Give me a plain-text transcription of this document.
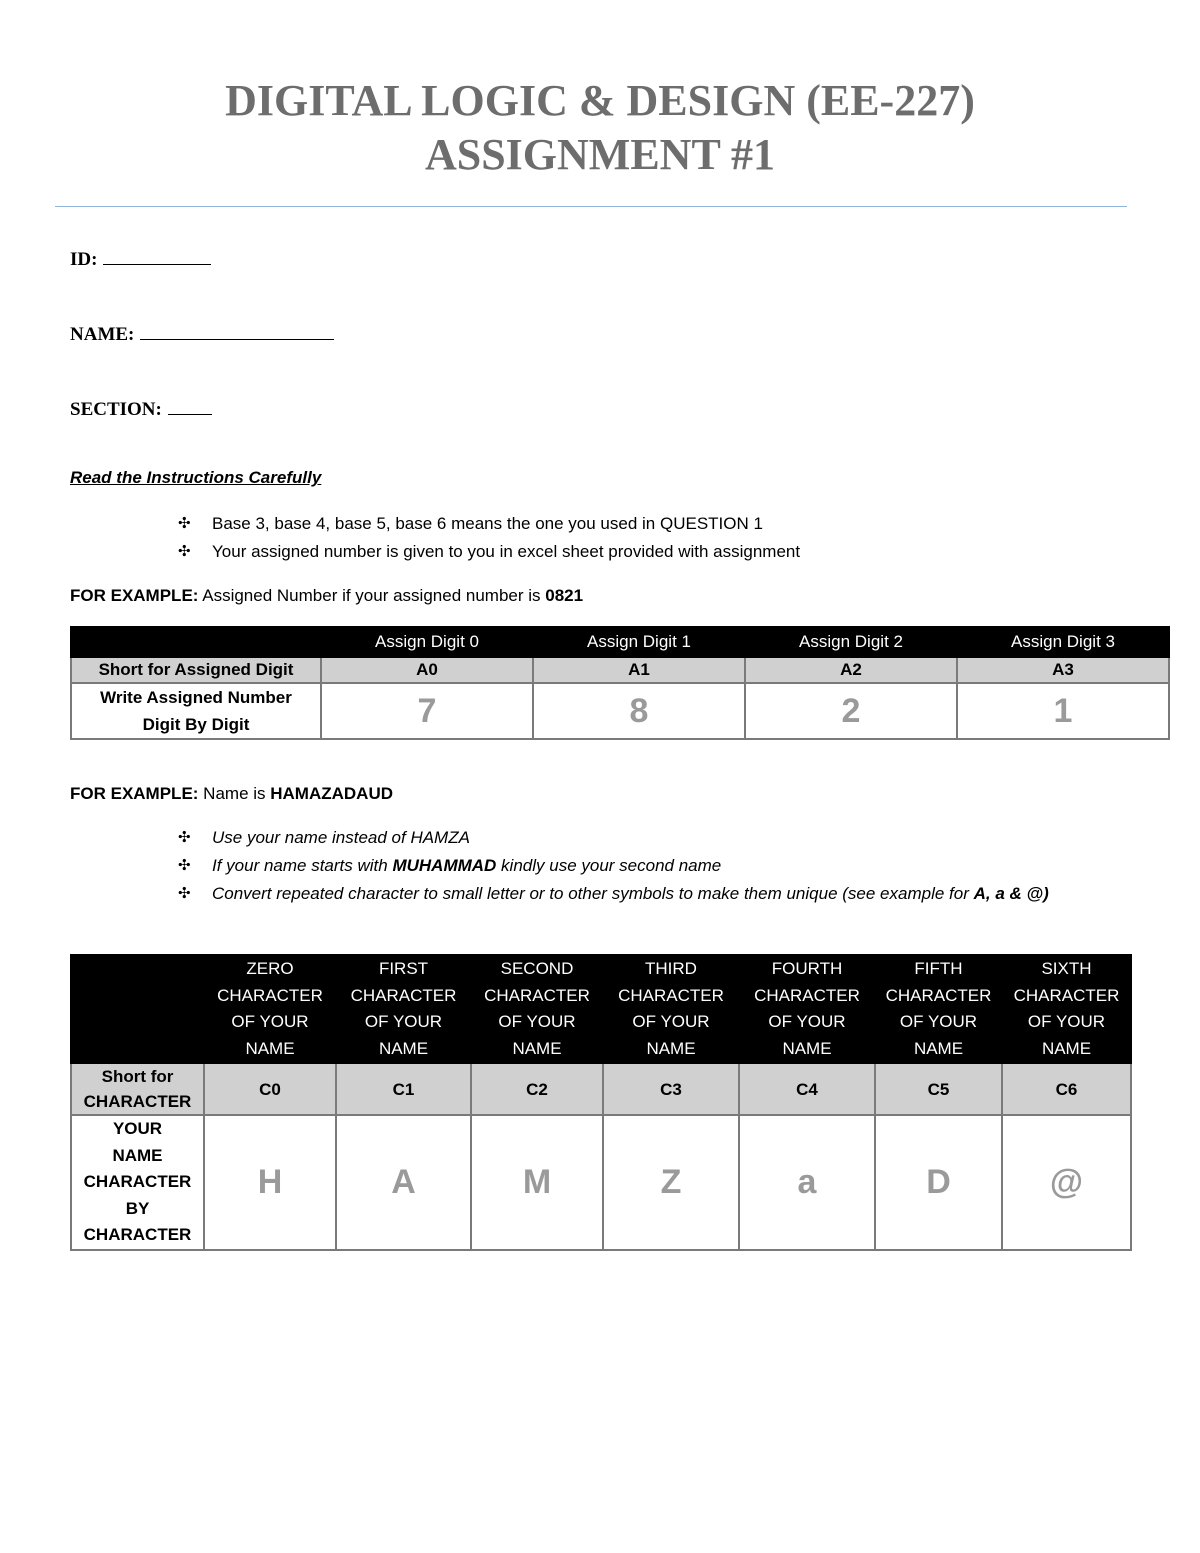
DIGITAL LOGIC & DESIGN (EE-227)
ASSIGNMENT #1
ID:
NAME:
SECTION:
Read the Instructions Carefully
✣ Base 3, base 4, base 5, base 6 means the one you used in QUESTION 1
✣ Your assigned number is given to you in excel sheet provided with assignment
FOR EXAMPLE: Assigned Number if your assigned number is 0821
	Assign Digit 0	Assign Digit 1	Assign Digit 2	Assign Digit 3
Short for Assigned Digit	A0	A1	A2	A3
Write Assigned Number
Digit By Digit	7	8	2	1
FOR EXAMPLE: Name is HAMAZADAUD
✣ Use your name instead of HAMZA
✣ If your name starts with MUHAMMAD kindly use your second name
✣ Convert repeated character to small letter or to other symbols to make them unique (see example for A, a & @)
	ZERO
CHARACTER
OF YOUR
NAME	FIRST
CHARACTER
OF YOUR
NAME	SECOND
CHARACTER
OF YOUR
NAME	THIRD
CHARACTER
OF YOUR
NAME	FOURTH
CHARACTER
OF YOUR
NAME	FIFTH
CHARACTER
OF YOUR
NAME	SIXTH
CHARACTER
OF YOUR
NAME
Short for
CHARACTER	C0	C1	C2	C3	C4	C5	C6
YOUR
NAME
CHARACTER
BY
CHARACTER	H	A	M	Z	a	D	@
